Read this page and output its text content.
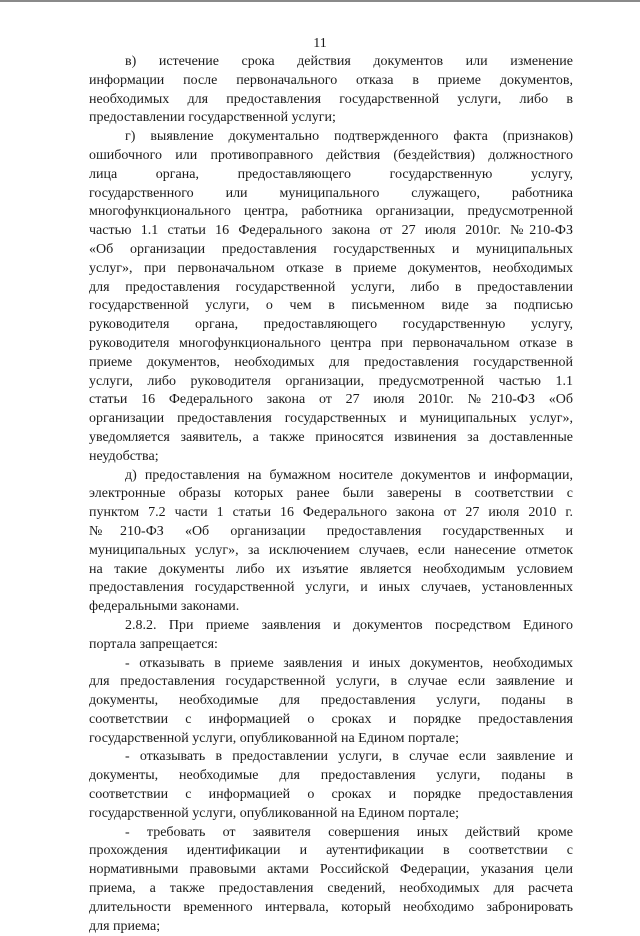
11
в) истечение срока действия документов или изменение
информации после первоначального отказа в приеме документов,
необходимых для предоставления государственной услуги, либо в
предоставлении государственной услуги;
г) выявление документально подтвержденного факта (признаков)
ошибочного или противоправного действия (бездействия) должностного
лица органа, предоставляющего государственную услугу,
государственного или муниципального служащего, работника
многофункционального центра, работника организации, предусмотренной
частью 1.1 статьи 16 Федерального закона от 27 июля 2010г. №210-ФЗ
«Об организации предоставления государственных и муниципальных
услуг», при первоначальном отказе в приеме документов, необходимых
для предоставления государственной услуги, либо в предоставлении
государственной услуги, о чем в письменном виде за подписью
руководителя органа, предоставляющего государственную услугу,
руководителя многофункционального центра при первоначальном отказе в
приеме документов, необходимых для предоставления государственной
услуги, либо руководителя организации, предусмотренной частью 1.1
статьи 16 Федерального закона от 27 июля 2010г. №210-ФЗ «Об
организации предоставления государственных и муниципальных услуг»,
уведомляется заявитель, а также приносятся извинения за доставленные
неудобства;
д) предоставления на бумажном носителе документов и информации,
электронные образы которых ранее были заверены в соответствии с
пунктом 7.2 части 1 статьи 16 Федерального закона от 27 июля 2010 г.
№210-ФЗ «Об организации предоставления государственных и
муниципальных услуг», за исключением случаев, если нанесение отметок
на такие документы либо их изъятие является необходимым условием
предоставления государственной услуги, и иных случаев, установленных
федеральными законами.
2.8.2. При приеме заявления и документов посредством Единого
портала запрещается:
- отказывать в приеме заявления и иных документов, необходимых
для предоставления государственной услуги, в случае если заявление и
документы, необходимые для предоставления услуги, поданы в
соответствии с информацией о сроках и порядке предоставления
государственной услуги, опубликованной на Едином портале;
- отказывать в предоставлении услуги, в случае если заявление и
документы, необходимые для предоставления услуги, поданы в
соответствии с информацией о сроках и порядке предоставления
государственной услуги, опубликованной на Едином портале;
- требовать от заявителя совершения иных действий кроме
прохождения идентификации и аутентификации в соответствии с
нормативными правовыми актами Российской Федерации, указания цели
приема, а также предоставления сведений, необходимых для расчета
длительности временного интервала, который необходимо забронировать
для приема;
